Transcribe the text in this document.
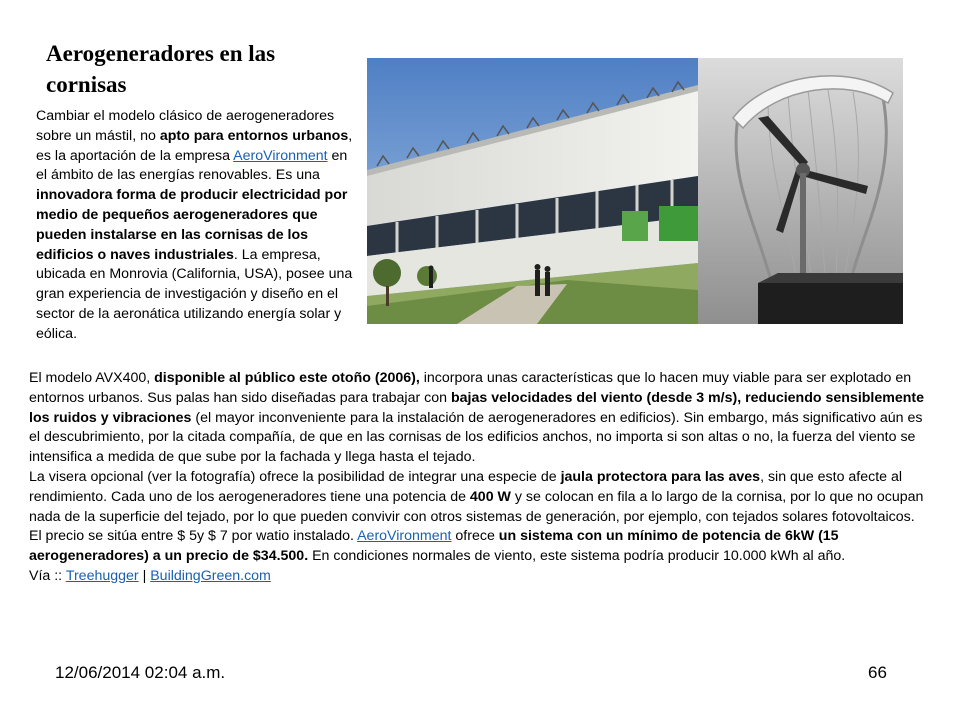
Aerogeneradores en las cornisas

Cambiar el modelo clásico de aerogeneradores sobre un mástil, no apto para entornos urbanos, es la aportación de la empresa AeroVironment en el ámbito de las energías renovables. Es una innovadora forma de producir electricidad por medio de pequeños aerogeneradores que pueden instalarse en las cornisas de los edificios o naves industriales. La empresa, ubicada en Monrovia (California, USA), posee una gran experiencia de investigación y diseño en el sector de la aeronática utilizando energía solar y eólica.

El modelo AVX400, disponible al público este otoño (2006), incorpora unas características que lo hacen muy viable para ser explotado en entornos urbanos. Sus palas han sido diseñadas para trabajar con bajas velocidades del viento (desde 3 m/s), reduciendo sensiblemente los ruidos y vibraciones (el mayor inconveniente para la instalación de aerogeneradores en edificios). Sin embargo, más significativo aún es el descubrimiento, por la citada compañía, de que en las cornisas de los edificios anchos, no importa si son altas o no, la fuerza del viento se intensifica a medida de que sube por la fachada y llega hasta el tejado.
La visera opcional (ver la fotografía) ofrece la posibilidad de integrar una especie de jaula protectora para las aves, sin que esto afecte al rendimiento. Cada uno de los aerogeneradores tiene una potencia de 400 W y se colocan en fila a lo largo de la cornisa, por lo que no ocupan nada de la superficie del tejado, por lo que pueden convivir con otros sistemas de generación, por ejemplo, con tejados solares fotovoltaicos.
El precio se sitúa entre $ 5y $ 7 por watio instalado. AeroVironment ofrece un sistema con un mínimo de potencia de 6kW (15 aerogeneradores) a un precio de $34.500. En condiciones normales de viento, este sistema podría producir 10.000 kWh al año.
Vía :: Treehugger | BuildingGreen.com

12/06/2014 02:04 a.m.	66
